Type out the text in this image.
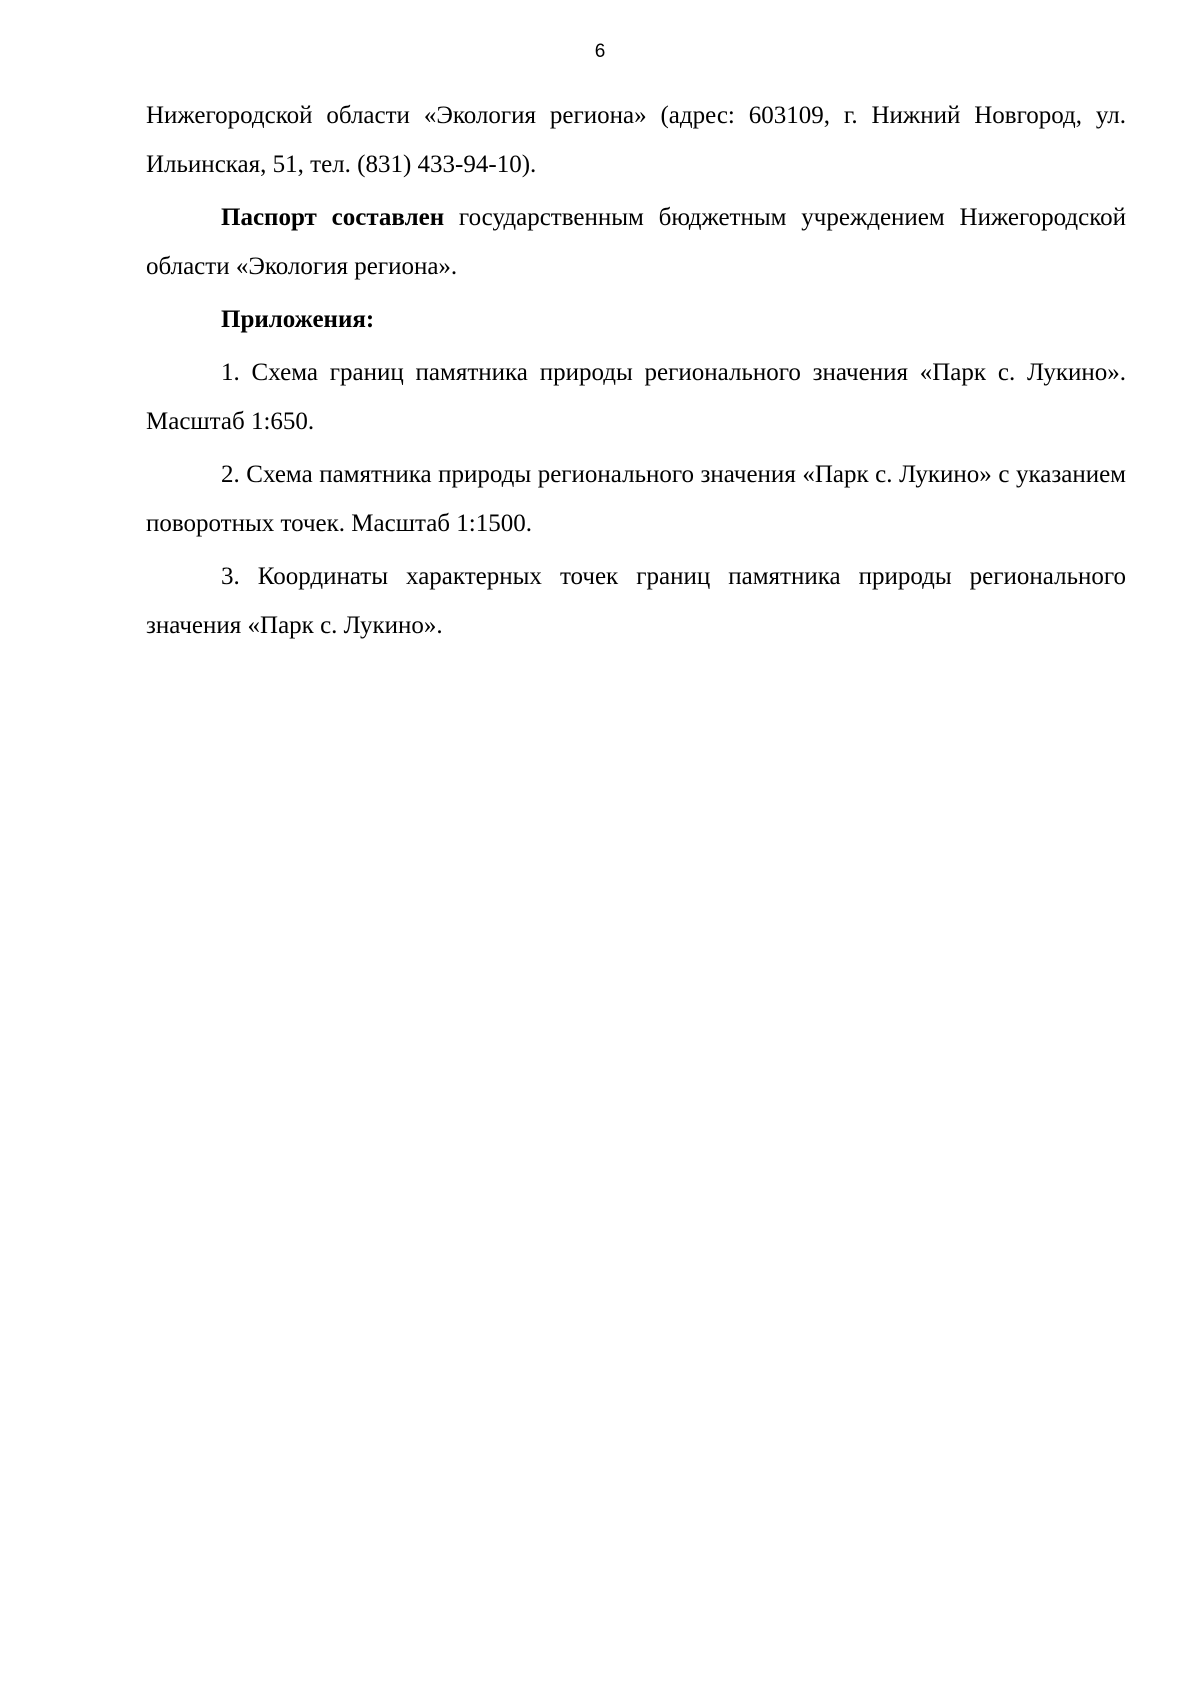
6

Нижегородской области «Экология региона» (адрес: 603109, г. Нижний Новгород, ул. Ильинская, 51, тел. (831) 433-94-10).

Паспорт составлен государственным бюджетным учреждением Нижегородской области «Экология региона».

Приложения:

1. Схема границ памятника природы регионального значения «Парк с. Лукино». Масштаб 1:650.

2. Схема памятника природы регионального значения «Парк с. Лукино» с указанием поворотных точек. Масштаб 1:1500.

3. Координаты характерных точек границ памятника природы регионального значения «Парк с. Лукино».
